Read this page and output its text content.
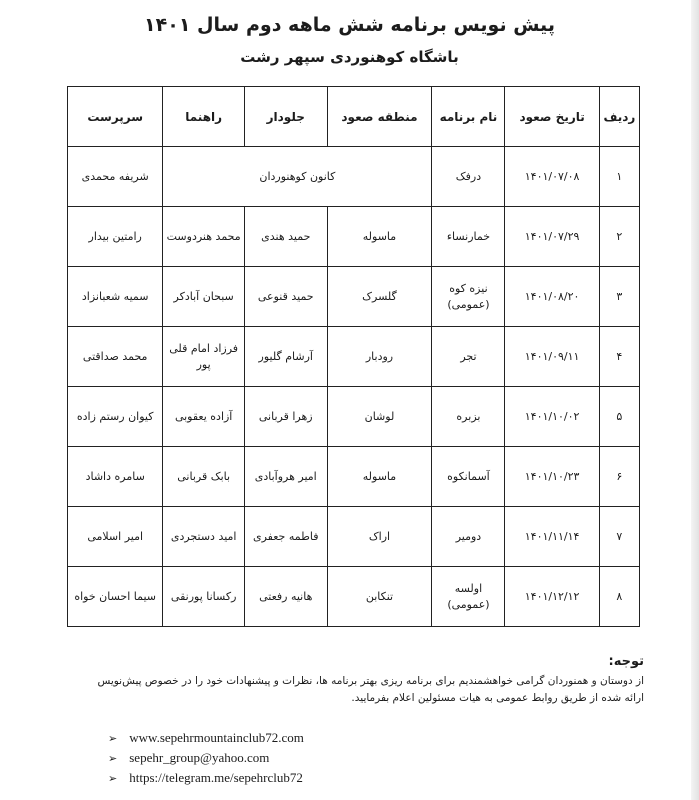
پیش نویس برنامه شش ماهه دوم سال ۱۴۰۱
باشگاه کوهنوردی سپهر رشت
ردیف	تاریخ صعود	نام برنامه	منطقه صعود	جلودار	راهنما	سرپرست
۱	۱۴۰۱/۰۷/۰۸	درفک	کانون کوهنوردان			شریفه محمدی
۲	۱۴۰۱/۰۷/۲۹	خمارنساء	ماسوله	حمید هندی	محمد هنردوست	رامتین بیدار
۳	۱۴۰۱/۰۸/۲۰	نیزه کوه (عمومی)	گلسرک	حمید قنوعی	سبحان آبادکر	سمیه شعبانزاد
۴	۱۴۰۱/۰۹/۱۱	تجر	رودبار	آرشام گلیور	فرزاد امام قلی پور	محمد صداقتی
۵	۱۴۰۱/۱۰/۰۲	بزبره	لوشان	زهرا قربانی	آزاده یعقوبی	کیوان رستم زاده
۶	۱۴۰۱/۱۰/۲۳	آسمانکوه	ماسوله	امیر هروآبادی	بابک قربانی	سامره داشاد
۷	۱۴۰۱/۱۱/۱۴	دومیر	اراک	فاطمه جعفری	امید دستجردی	امیر اسلامی
۸	۱۴۰۱/۱۲/۱۲	اولسه (عمومی)	تنکابن	هانیه رفعتی	رکسانا پورنقی	سیما احسان خواه
توجه:
از دوستان و همنوردان گرامی خواهشمندیم برای برنامه ریزی بهتر برنامه ها، نظرات و پیشنهادات خود را در خصوص پیش‌نویس
ارائه شده از طریق روابط عمومی به هیات مسئولین اعلام بفرمایید.
➢ www.sepehrmountainclub72.com
➢ sepehr_group@yahoo.com
➢ https://telegram.me/sepehrclub72
